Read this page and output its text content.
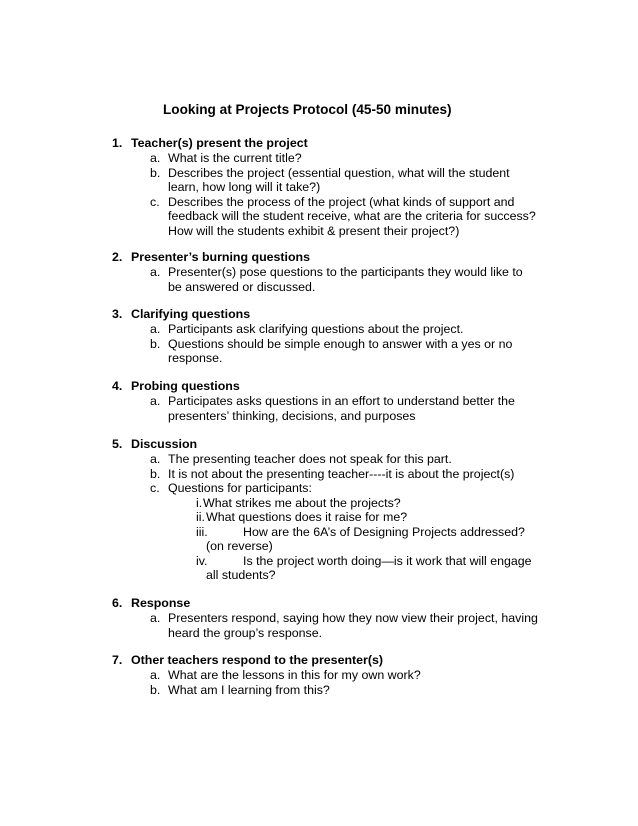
Looking at Projects Protocol (45-50 minutes)
1. Teacher(s) present the project
a. What is the current title?
b. Describes the project (essential question, what will the student
learn, how long will it take?)
c. Describes the process of the project (what kinds of support and
feedback will the student receive, what are the criteria for success?
How will the students exhibit & present their project?)
2. Presenter’s burning questions
a. Presenter(s) pose questions to the participants they would like to
be answered or discussed.
3. Clarifying questions
a. Participants ask clarifying questions about the project.
b. Questions should be simple enough to answer with a yes or no
response.
4. Probing questions
a. Participates asks questions in an effort to understand better the
presenters’ thinking, decisions, and purposes
5. Discussion
a. The presenting teacher does not speak for this part.
b. It is not about the presenting teacher----it is about the project(s)
c. Questions for participants:
i. What strikes me about the projects?
ii. What questions does it raise for me?
iii.	How are the 6A’s of Designing Projects addressed?
(on reverse)
iv.	Is the project worth doing—is it work that will engage
all students?
6. Response
a. Presenters respond, saying how they now view their project, having
heard the group’s response.
7. Other teachers respond to the presenter(s)
a. What are the lessons in this for my own work?
b. What am I learning from this?
